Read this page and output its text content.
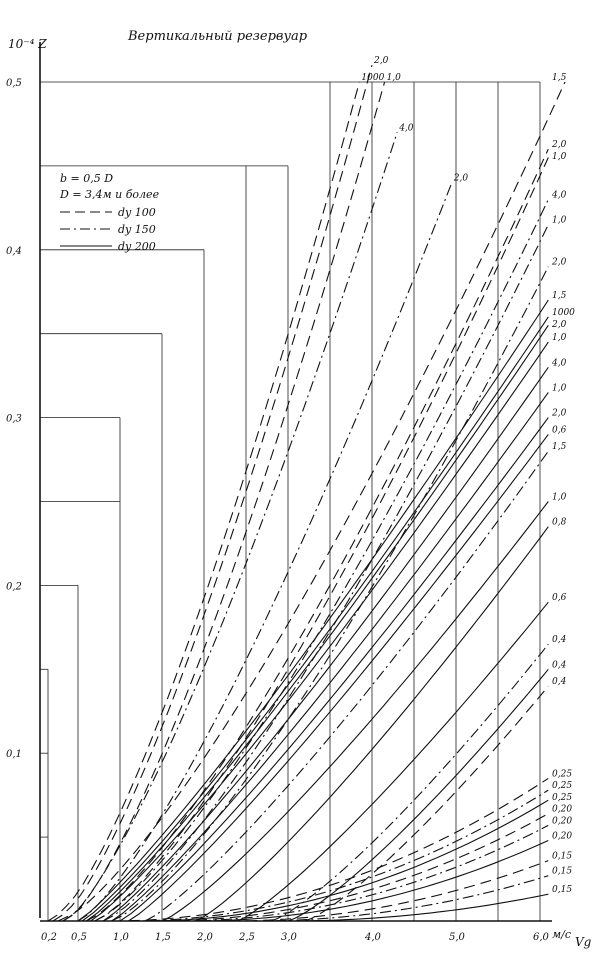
1000
2,0
1,0
4,0
2,0
1,5
2,0
1,0
4,0
1,0
2,0
1,5
1000
2,0
1,0
4,0
1,0
2,0
0,6
1,5
1,0
0,8
0,6
0,4
0,4
0,4
0,25
0,25
0,25
0,20
0,20
0,20
0,15
0,15
0,15
0,2 0,5	1,0	1,5	2,0	2,5	3,0	4,0	5,0	6,0
0,1
0,2
0,3
0,4
0,5
Вертикальный резервуар
10⁻⁴ Z
Vg
м/с
b = 0,5 D
D = 3,4м и более
dy 100
dy 150
dy 200
